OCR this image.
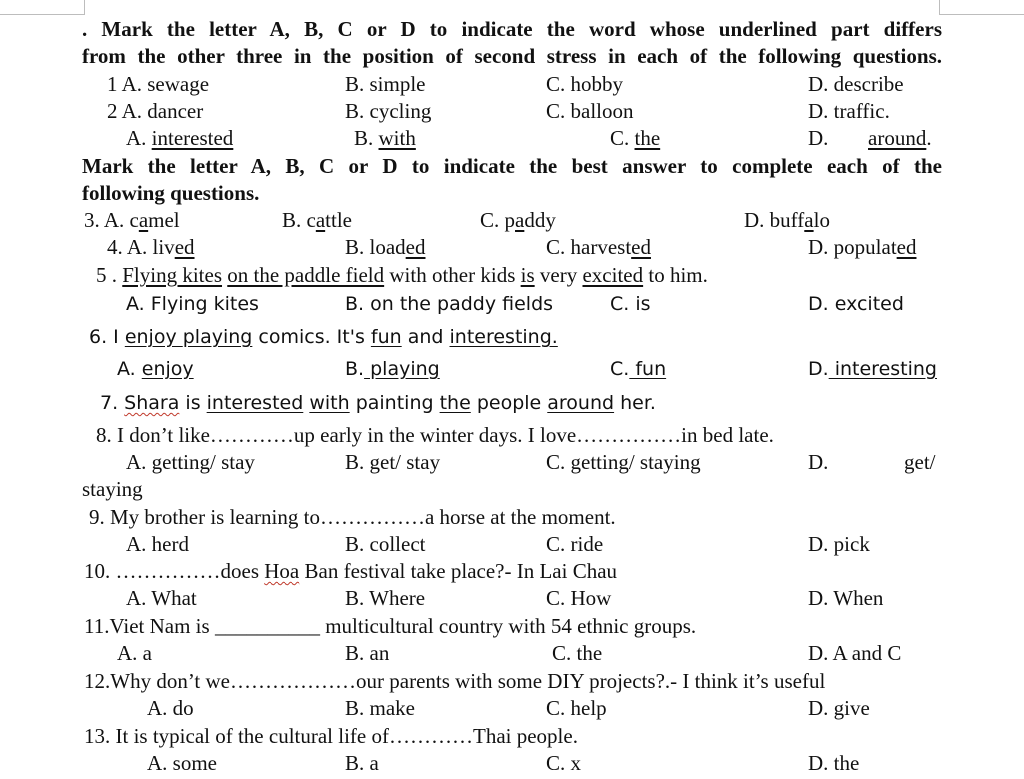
. Mark the letter A, B, C or D to indicate the word whose underlined part differs
from the other three in the position of second stress in each of the following questions.
1 A. sewage	B. simple	C. hobby	D. describe
2 A. dancer	B. cycling	C. balloon	D. traffic.
A. interested	B. with	C. the	D. around.
Mark the letter A, B, C or D to indicate the best answer to complete each of the
following questions.
3. A. camel	B. cattle	C. paddy	D. buffalo
4. A. lived	B. loaded	C. harvested	D. populated
5 . Flying kites on the paddle field with other kids is very excited to him.
A. Flying kites	B. on the paddy fields	C. is	D. excited
6. I enjoy playing comics. It's fun and interesting.
A. enjoy	B. playing	C. fun	D. interesting
7. Shara is interested with painting the people around her.
8. I don’t like…………up early in the winter days. I love……………in bed late.
A. getting/ stay	B. get/ stay	C. getting/ staying	D.	get/
staying
9. My brother is learning to……………a horse at the moment.
A. herd	B. collect	C. ride	D. pick
10. ……………does Hoa Ban festival take place?- In Lai Chau
A. What	B. Where	C. How	D. When
11.Viet Nam is __________ multicultural country with 54 ethnic groups.
A. a	B. an	C. the	D. A and C
12.Why don’t we………………our parents with some DIY projects?.- I think it’s useful
A. do	B. make	C. help	D. give
13. It is typical of the cultural life of…………Thai people.
A. some	B. a	C. x	D. the
